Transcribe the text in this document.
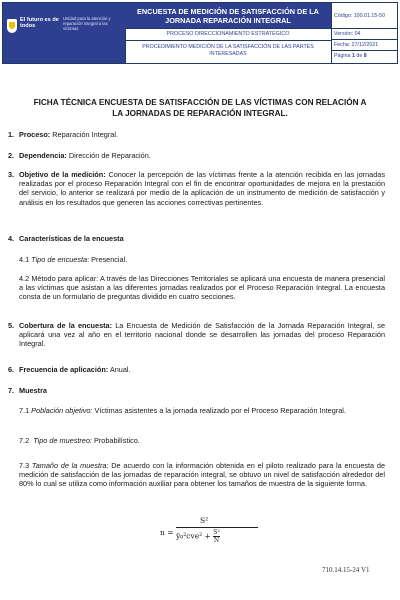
El futuro es de todos
Unidad para la atención y reparación integral a las víctimas
ENCUESTA DE MEDICIÓN DE SATISFACCIÓN DE LA JORNADA REPARACIÓN INTEGRAL
PROCESO DIRECCIONAMIENTO ESTRATÉGICO
PROCEDIMIENTO MEDICIÓN DE LA SATISFACCIÓN DE LAS PARTES INTERESADAS
Código: 100.01.15-50
Versión: 04
Fecha: 27/12/2021
Página 1 de 8
FICHA TÉCNICA ENCUESTA DE SATISFACCIÓN DE LAS VÍCTIMAS CON RELACIÓN A LA JORNADAS DE REPARACIÓN INTEGRAL.
1. Proceso: Reparación Integral.
2. Dependencia: Dirección de Reparación.
3. Objetivo de la medición: Conocer la percepción de las víctimas frente a la atención recibida en las jornadas realizadas por el proceso Reparación Integral con el fin de encontrar oportunidades de mejora en la prestación del servicio, lo anterior se realizará por medio de la aplicación de un instrumento de medición de satisfacción y análisis en los resultados que generen las acciones correctivas pertinentes.
4. Características de la encuesta
4.1 Tipo de encuesta: Presencial.
4.2 Método para aplicar: A través de las Direcciones Territoriales se aplicará una encuesta de manera presencial a las víctimas que asistan a las diferentes jornadas realizados por el Proceso Reparación Integral. La encuesta consta de un formulario de preguntas dividido en cuatro secciones.
5. Cobertura de la encuesta: La Encuesta de Medición de Satisfacción de la Jornada Reparación Integral, se aplicará una vez al año en el territorio nacional donde se desarrollen las jornadas del proceso Reparación Integral.
6. Frecuencia de aplicación: Anual.
7. Muestra
7.1 Población objetivo: Víctimas asistentes a la jornada realizado por el Proceso Reparación Integral.
7.2  Tipo de muestreo: Probabilístico.
7.3 Tamaño de la muestra: De acuerdo con la información obtenida en el piloto realizado para la encuesta de medición de satisfacción de las jornadas de reparación integral, se obtuvo un nivel de satisfacción alrededor del 80% lo cual se utiliza como información auxiliar para obtener los tamaños de muestra de la siguiente forma.
n =
S²
ȳ₀²cve² + $\frac{\text{S²}}{N}$
710.14.15-24 V1
